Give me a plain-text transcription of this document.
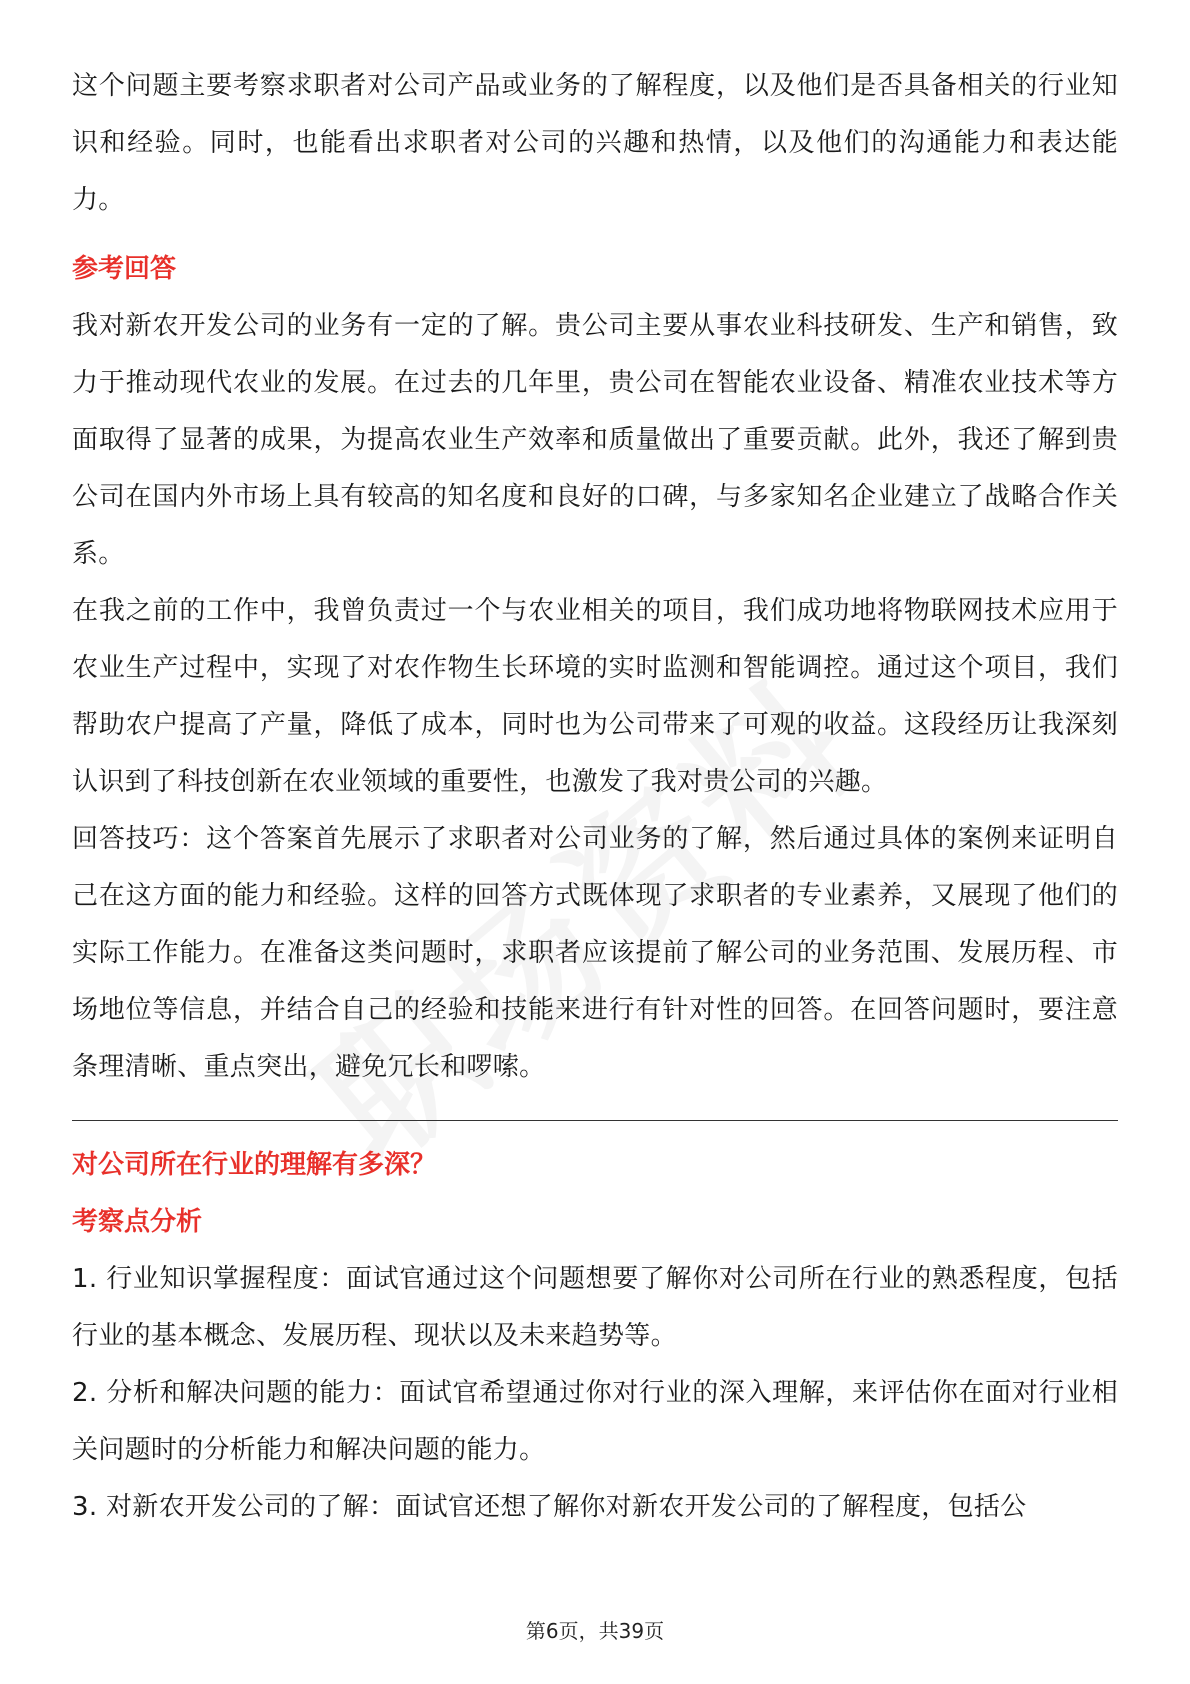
这个问题主要考察求职者对公司产品或业务的了解程度，以及他们是否具备相关的行业知识和经验。同时，也能看出求职者对公司的兴趣和热情，以及他们的沟通能力和表达能力。

参考回答

我对新农开发公司的业务有一定的了解。贵公司主要从事农业科技研发、生产和销售，致力于推动现代农业的发展。在过去的几年里，贵公司在智能农业设备、精准农业技术等方面取得了显著的成果，为提高农业生产效率和质量做出了重要贡献。此外，我还了解到贵公司在国内外市场上具有较高的知名度和良好的口碑，与多家知名企业建立了战略合作关系。

在我之前的工作中，我曾负责过一个与农业相关的项目，我们成功地将物联网技术应用于农业生产过程中，实现了对农作物生长环境的实时监测和智能调控。通过这个项目，我们帮助农户提高了产量，降低了成本，同时也为公司带来了可观的收益。这段经历让我深刻认识到了科技创新在农业领域的重要性，也激发了我对贵公司的兴趣。

回答技巧：这个答案首先展示了求职者对公司业务的了解，然后通过具体的案例来证明自己在这方面的能力和经验。这样的回答方式既体现了求职者的专业素养，又展现了他们的实际工作能力。在准备这类问题时，求职者应该提前了解公司的业务范围、发展历程、市场地位等信息，并结合自己的经验和技能来进行有针对性的回答。在回答问题时，要注意条理清晰、重点突出，避免冗长和啰嗦。

对公司所在行业的理解有多深？

考察点分析

1. 行业知识掌握程度：面试官通过这个问题想要了解你对公司所在行业的熟悉程度，包括行业的基本概念、发展历程、现状以及未来趋势等。

2. 分析和解决问题的能力：面试官希望通过你对行业的深入理解，来评估你在面对行业相关问题时的分析能力和解决问题的能力。

3. 对新农开发公司的了解：面试官还想了解你对新农开发公司的了解程度，包括公

第6页，共39页
